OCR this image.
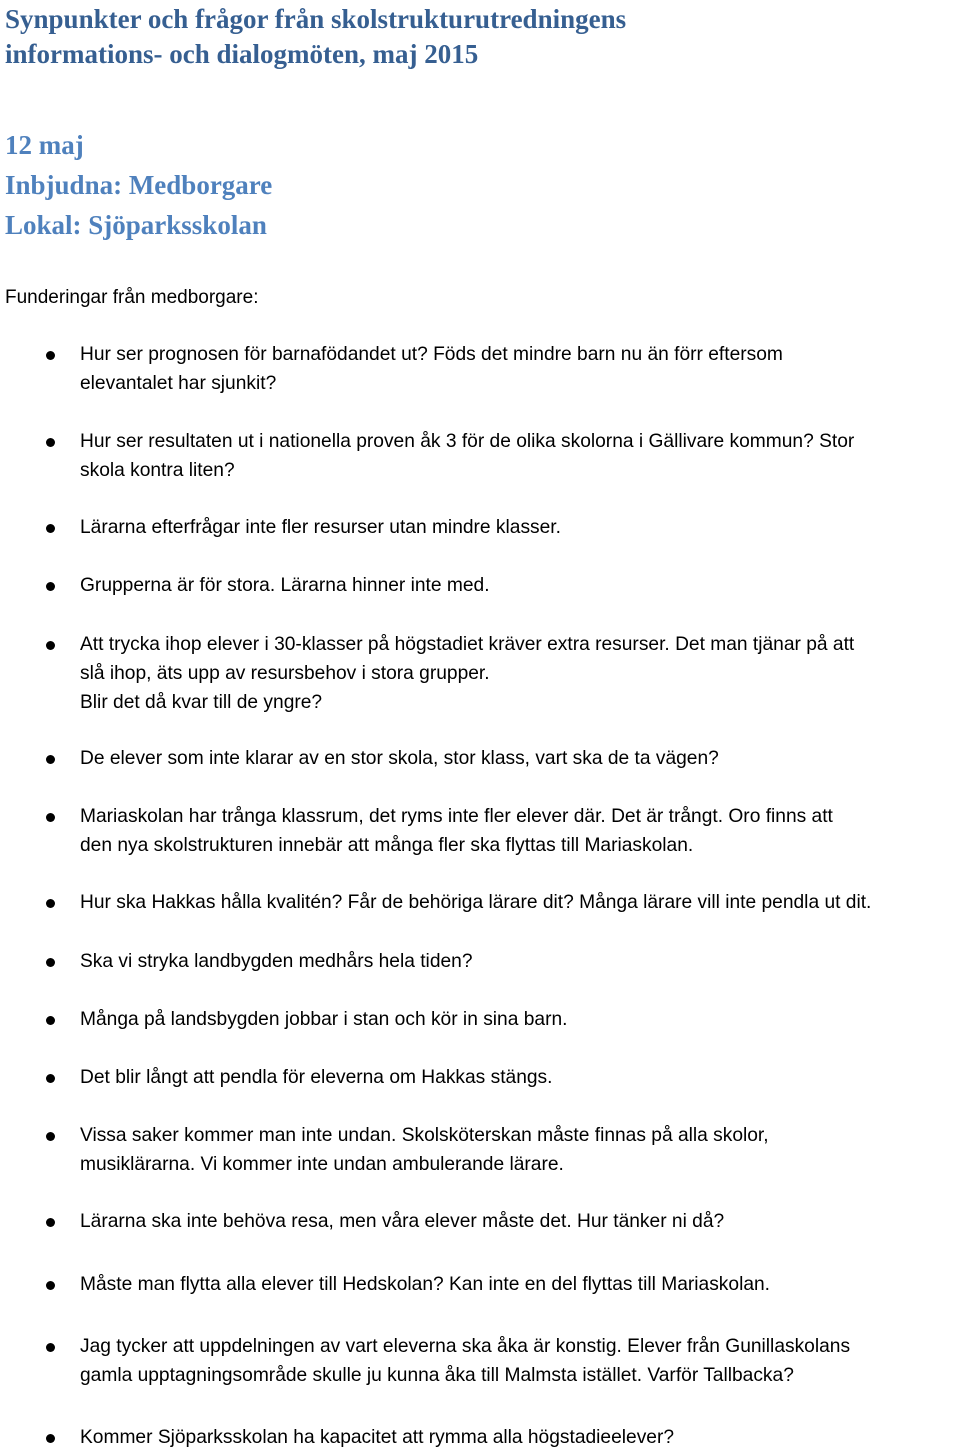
Synpunkter och frågor från skolstrukturutredningens
informations- och dialogmöten, maj 2015
12 maj
Inbjudna: Medborgare
Lokal: Sjöparksskolan

Funderingar från medborgare:

Hur ser prognosen för barnafödandet ut? Föds det mindre barn nu än förr eftersom
elevantalet har sjunkit?
Hur ser resultaten ut i nationella proven åk 3 för de olika skolorna i Gällivare kommun? Stor
skola kontra liten?
Lärarna efterfrågar inte fler resurser utan mindre klasser.
Grupperna är för stora. Lärarna hinner inte med.
Att trycka ihop elever i 30-klasser på högstadiet kräver extra resurser. Det man tjänar på att
slå ihop, äts upp av resursbehov i stora grupper.
Blir det då kvar till de yngre?
De elever som inte klarar av en stor skola, stor klass, vart ska de ta vägen?
Mariaskolan har trånga klassrum, det ryms inte fler elever där. Det är trångt. Oro finns att
den nya skolstrukturen innebär att många fler ska flyttas till Mariaskolan.
Hur ska Hakkas hålla kvalitén? Får de behöriga lärare dit? Många lärare vill inte pendla ut dit.
Ska vi stryka landbygden medhårs hela tiden?
Många på landsbygden jobbar i stan och kör in sina barn.
Det blir långt att pendla för eleverna om Hakkas stängs.
Vissa saker kommer man inte undan. Skolsköterskan måste finnas på alla skolor,
musiklärarna. Vi kommer inte undan ambulerande lärare.
Lärarna ska inte behöva resa, men våra elever måste det. Hur tänker ni då?
Måste man flytta alla elever till Hedskolan? Kan inte en del flyttas till Mariaskolan.
Jag tycker att uppdelningen av vart eleverna ska åka är konstig. Elever från Gunillaskolans
gamla upptagningsområde skulle ju kunna åka till Malmsta istället. Varför Tallbacka?
Kommer Sjöparksskolan ha kapacitet att rymma alla högstadieelever?
